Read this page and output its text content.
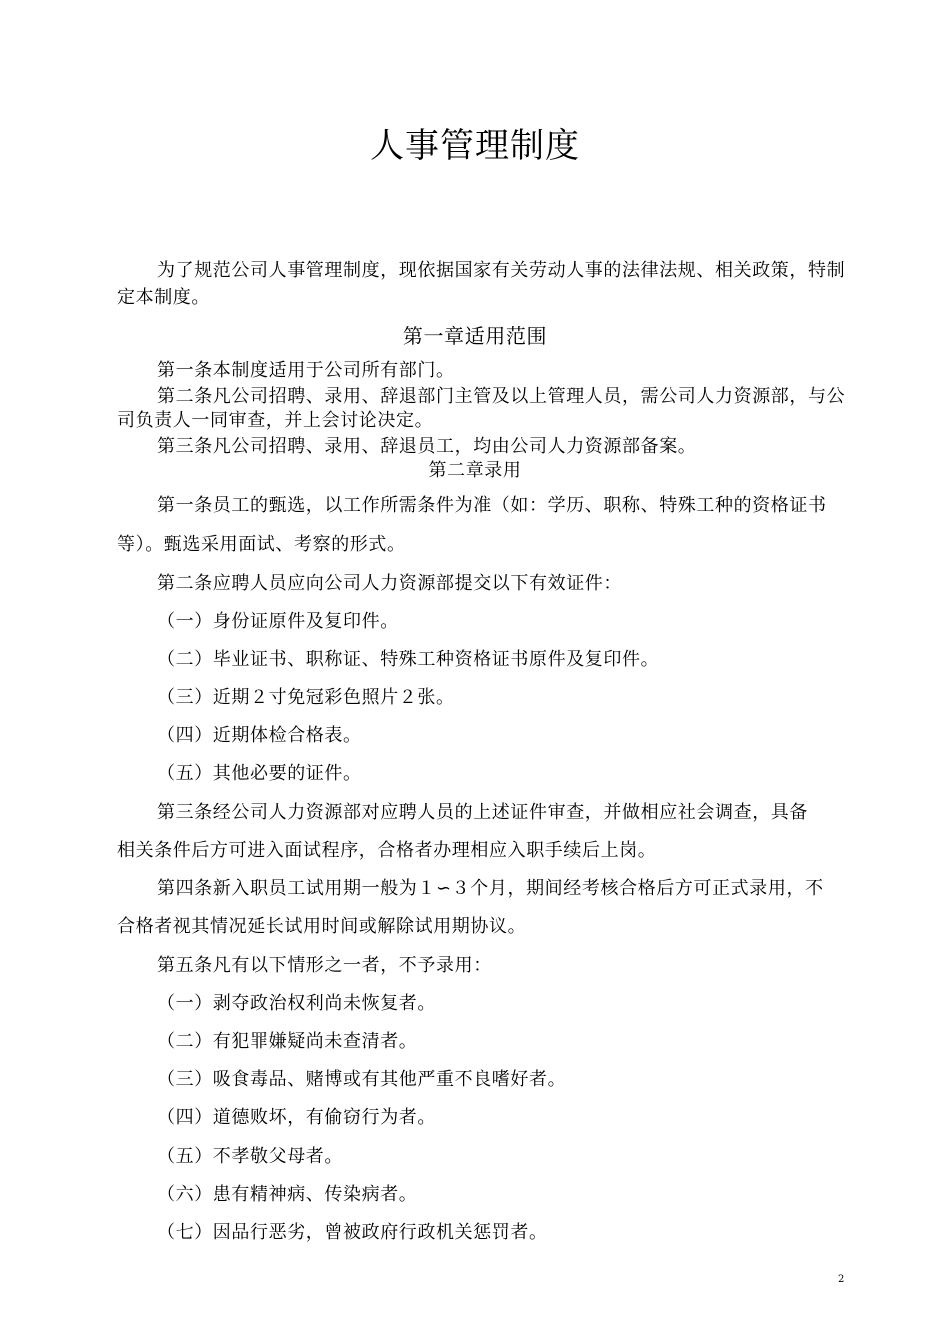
人事管理制度
为了规范公司人事管理制度，现依据国家有关劳动人事的法律法规、相关政策，特制
定本制度。
第一章适用范围
第一条本制度适用于公司所有部门。
第二条凡公司招聘、录用、辞退部门主管及以上管理人员，需公司人力资源部，与公
司负责人一同审查，并上会讨论决定。
第三条凡公司招聘、录用、辞退员工，均由公司人力资源部备案。
第二章录用
第一条员工的甄选，以工作所需条件为准（如：学历、职称、特殊工种的资格证书
等）。甄选采用面试、考察的形式。
第二条应聘人员应向公司人力资源部提交以下有效证件：
（一）身份证原件及复印件。
（二）毕业证书、职称证、特殊工种资格证书原件及复印件。
（三）近期２寸免冠彩色照片２张。
（四）近期体检合格表。
（五）其他必要的证件。
第三条经公司人力资源部对应聘人员的上述证件审查，并做相应社会调查，具备
相关条件后方可进入面试程序，合格者办理相应入职手续后上岗。
第四条新入职员工试用期一般为１∽３个月，期间经考核合格后方可正式录用，不
合格者视其情况延长试用时间或解除试用期协议。
第五条凡有以下情形之一者，不予录用：
（一）剥夺政治权利尚未恢复者。
（二）有犯罪嫌疑尚未查清者。
（三）吸食毒品、赌博或有其他严重不良嗜好者。
（四）道德败坏，有偷窃行为者。
（五）不孝敬父母者。
（六）患有精神病、传染病者。
（七）因品行恶劣，曾被政府行政机关惩罚者。
2
